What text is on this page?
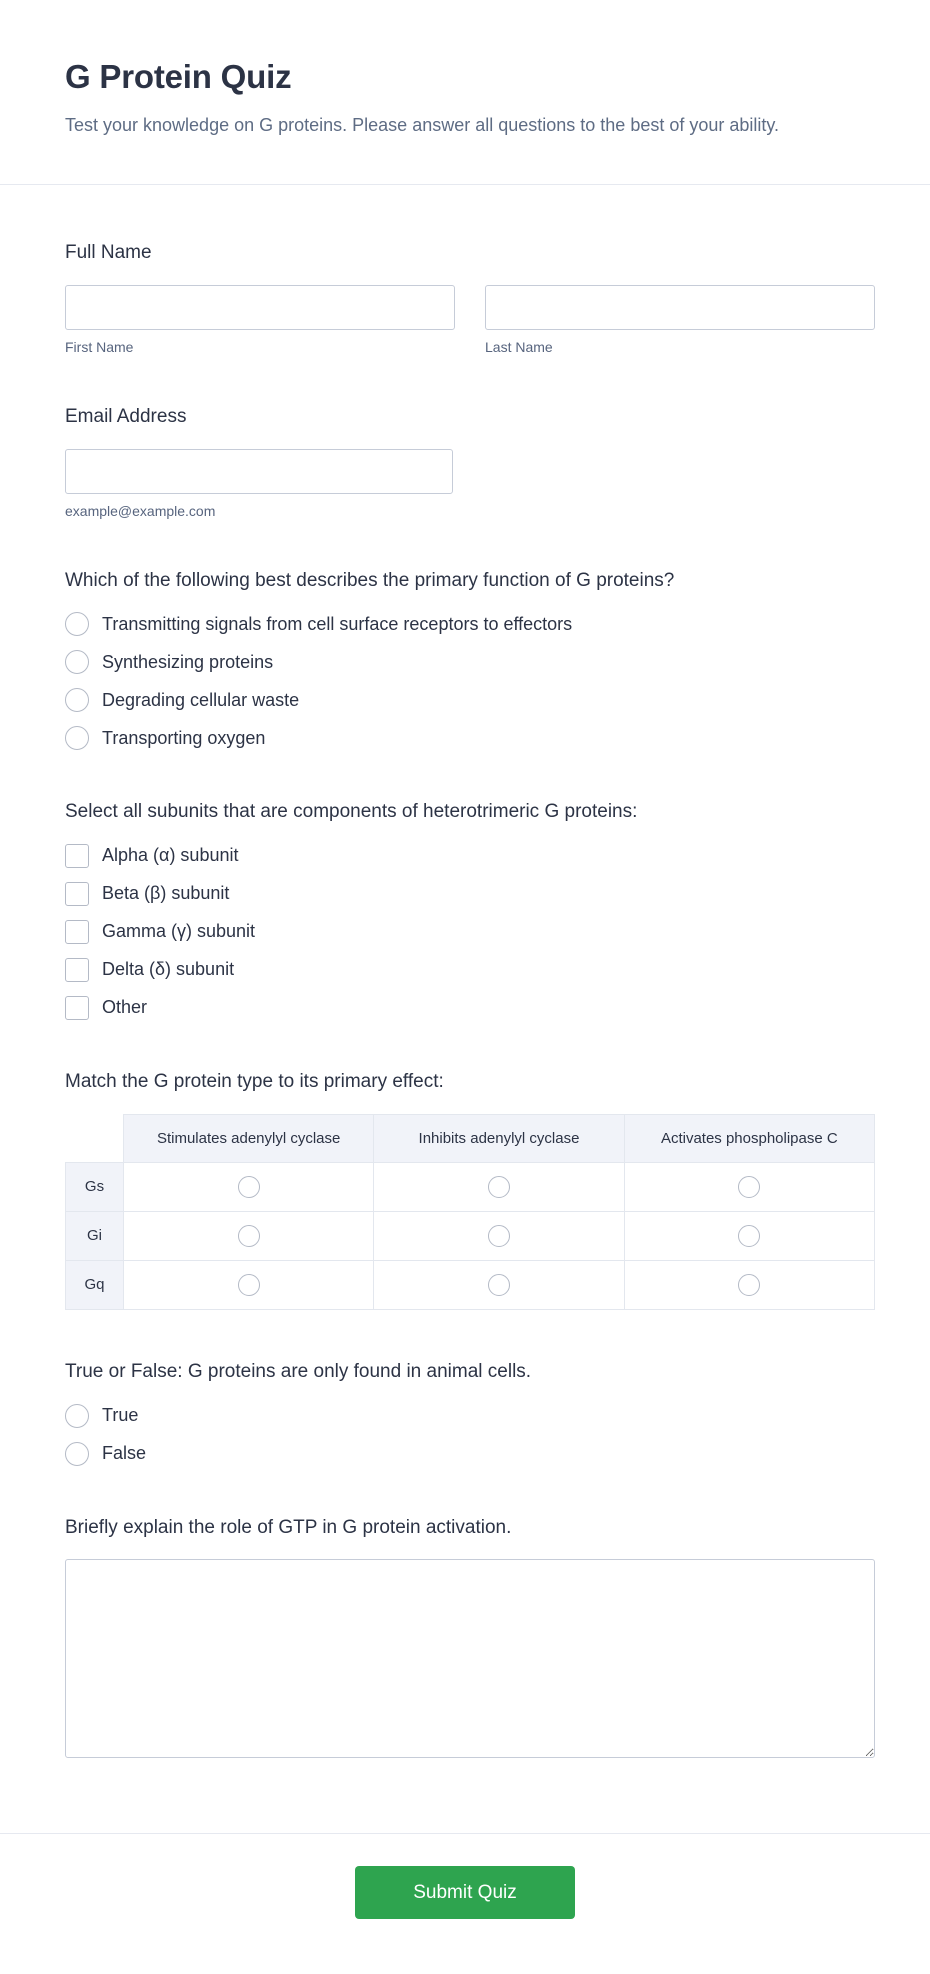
G Protein Quiz

Test your knowledge on G proteins. Please answer all questions to the best of your ability.

Full Name
First Name	Last Name
Email Address
example@example.com
Which of the following best describes the primary function of G proteins?
Transmitting signals from cell surface receptors to effectors
Synthesizing proteins
Degrading cellular waste
Transporting oxygen
Select all subunits that are components of heterotrimeric G proteins:
Alpha (α) subunit
Beta (β) subunit
Gamma (γ) subunit
Delta (δ) subunit
Other
Match the G protein type to its primary effect:
	Stimulates adenylyl cyclase	Inhibits adenylyl cyclase	Activates phospholipase C
Gs			
Gi			
Gq			
True or False: G proteins are only found in animal cells.
True
False
Briefly explain the role of GTP in G protein activation.
Submit Quiz
